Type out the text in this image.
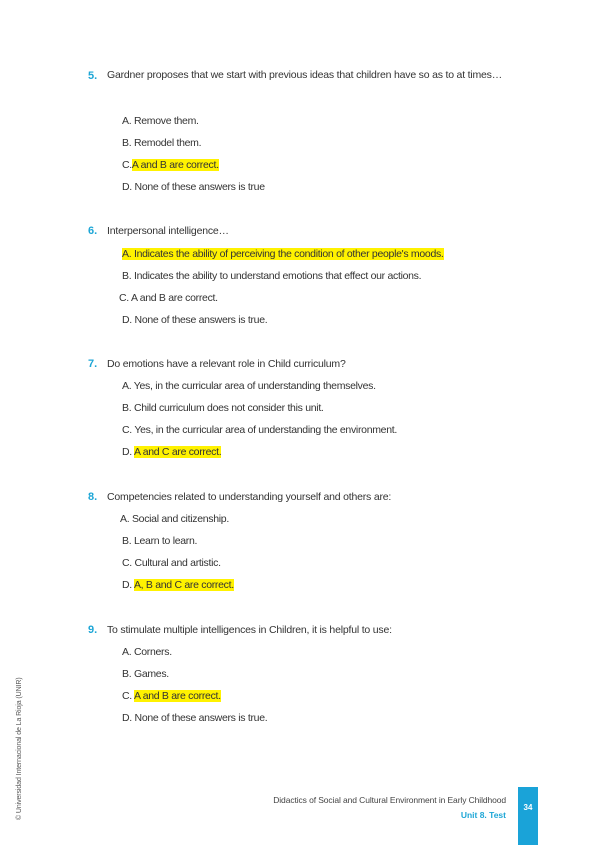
5. Gardner proposes that we start with previous ideas that children have so as to at times…
A. Remove them.
B. Remodel them.
C.A and B are correct.
D. None of these answers is true
6. Interpersonal intelligence…
A. Indicates the ability of perceiving the condition of other people's moods.
B. Indicates the ability to understand emotions that effect our actions.
C. A and B are correct.
D. None of these answers is true.
7. Do emotions have a relevant role in Child curriculum?
A. Yes, in the curricular area of understanding themselves.
B. Child curriculum does not consider this unit.
C. Yes, in the curricular area of understanding the environment.
D. A and C are correct.
8. Competencies related to understanding yourself and others are:
A. Social and citizenship.
B. Learn to learn.
C. Cultural and artistic.
D. A, B and C are correct.
9. To stimulate multiple intelligences in Children, it is helpful to use:
A. Corners.
B. Games.
C. A and B are correct.
D. None of these answers is true.
© Universidad Internacional de La Rioja (UNIR)	Didactics of Social and Cultural Environment in Early Childhood
Unit 8. Test
34
